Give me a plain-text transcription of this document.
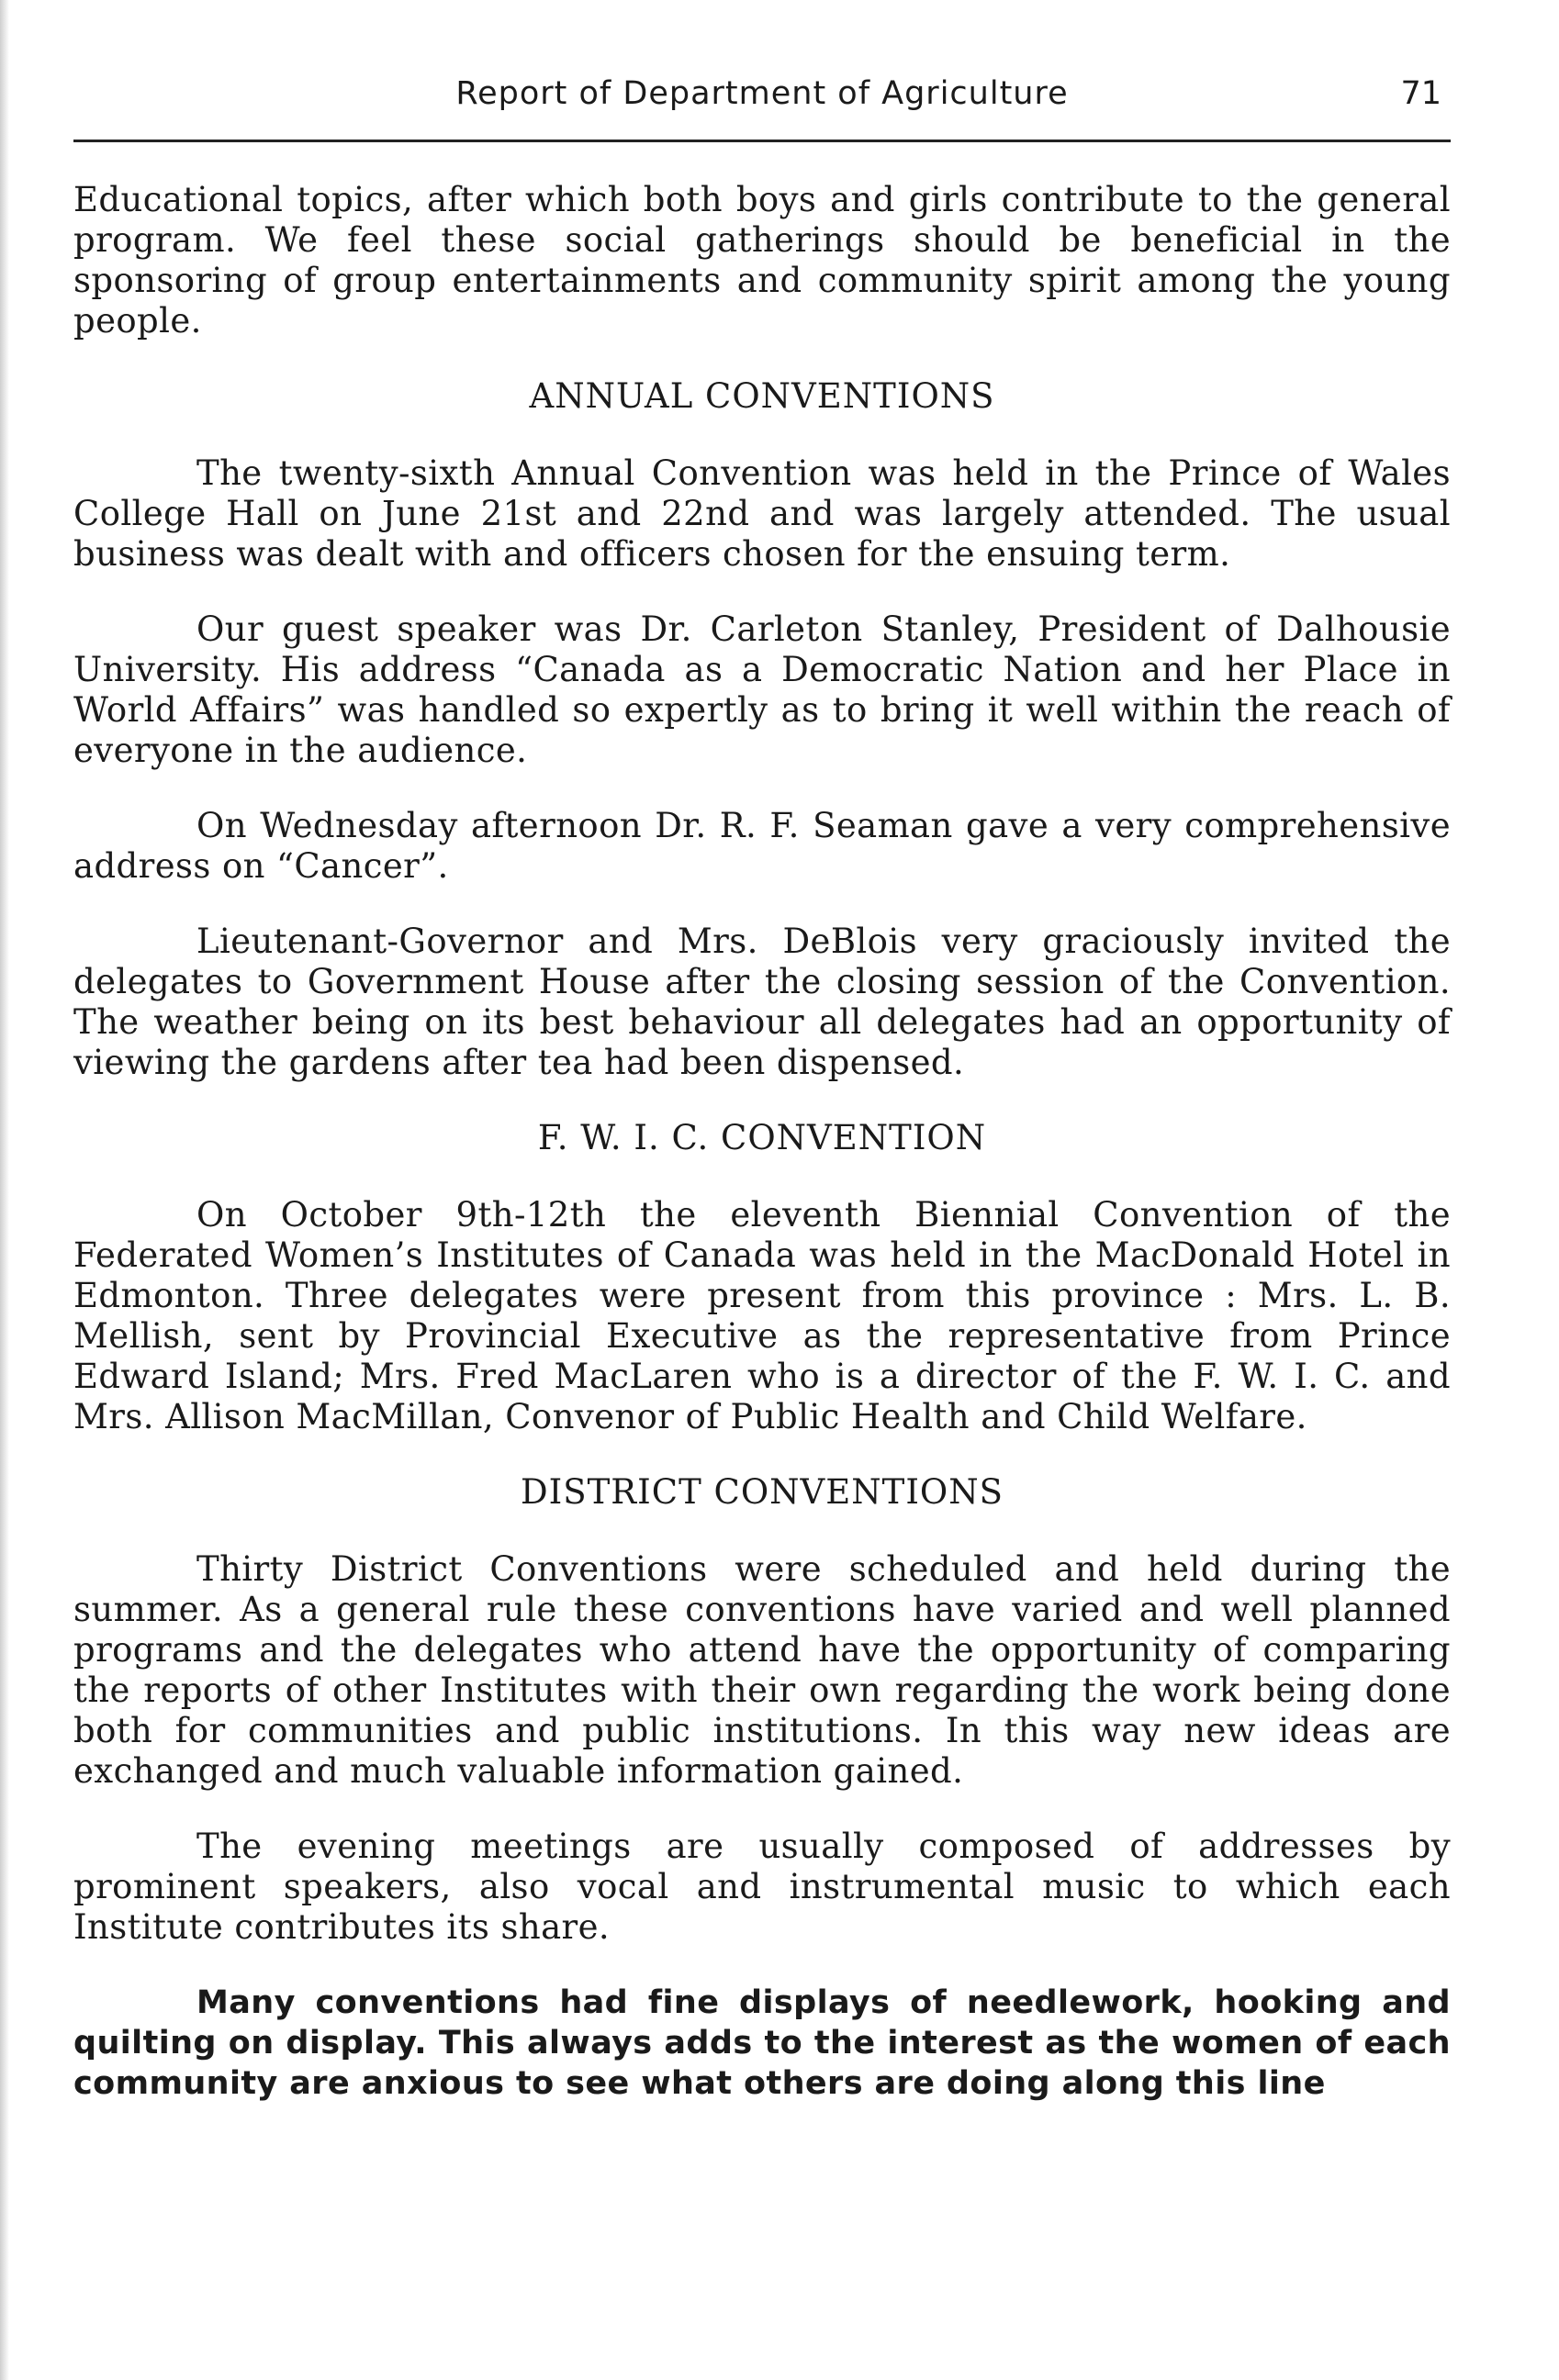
Report of Department of Agriculture	71

Educational topics, after which both boys and girls contribute to the general program. We feel these social gatherings should be beneficial in the sponsoring of group entertainments and community spirit among the young people.

ANNUAL CONVENTIONS

The twenty-sixth Annual Convention was held in the Prince of Wales College Hall on June 21st and 22nd and was largely attended. The usual business was dealt with and officers chosen for the ensuing term.

Our guest speaker was Dr. Carleton Stanley, President of Dalhousie University. His address “Canada as a Democratic Nation and her Place in World Affairs” was handled so expertly as to bring it well within the reach of everyone in the audience.

On Wednesday afternoon Dr. R. F. Seaman gave a very comprehensive address on “Cancer”.

Lieutenant-Governor and Mrs. DeBlois very graciously invited the delegates to Government House after the closing session of the Convention. The weather being on its best behaviour all delegates had an opportunity of viewing the gardens after tea had been dispensed.

F. W. I. C. CONVENTION

On October 9th-12th the eleventh Biennial Convention of the Federated Women’s Institutes of Canada was held in the MacDonald Hotel in Edmonton. Three delegates were present from this province : Mrs. L. B. Mellish, sent by Provincial Executive as the representative from Prince Edward Island; Mrs. Fred MacLaren who is a director of the F. W. I. C. and Mrs. Allison MacMillan, Convenor of Public Health and Child Welfare.

DISTRICT CONVENTIONS

Thirty District Conventions were scheduled and held during the summer. As a general rule these conventions have varied and well planned programs and the delegates who attend have the opportunity of comparing the reports of other Institutes with their own regarding the work being done both for communities and public institutions. In this way new ideas are exchanged and much valuable information gained.

The evening meetings are usually composed of addresses by prominent speakers, also vocal and instrumental music to which each Institute contributes its share.

Many conventions had fine displays of needlework, hooking and quilting on display. This always adds to the interest as the women of each community are anxious to see what others are doing along this line
